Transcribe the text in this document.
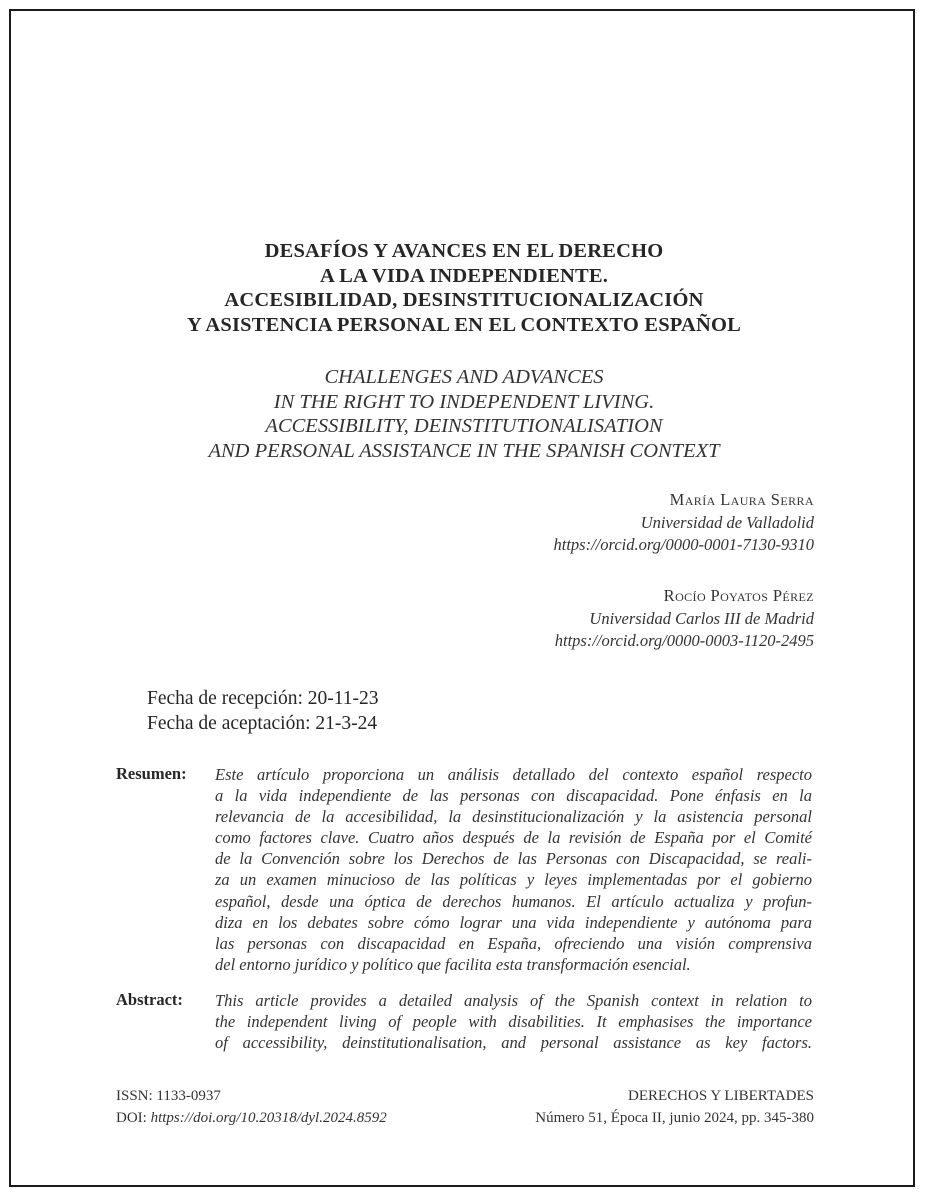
DESAFÍOS Y AVANCES EN EL DERECHO
A LA VIDA INDEPENDIENTE.
ACCESIBILIDAD, DESINSTITUCIONALIZACIÓN
Y ASISTENCIA PERSONAL EN EL CONTEXTO ESPAÑOL
CHALLENGES AND ADVANCES
IN THE RIGHT TO INDEPENDENT LIVING.
ACCESSIBILITY, DEINSTITUTIONALISATION
AND PERSONAL ASSISTANCE IN THE SPANISH CONTEXT
María Laura Serra
Universidad de Valladolid
https://orcid.org/0000-0001-7130-9310
Rocío Poyatos Pérez
Universidad Carlos III de Madrid
https://orcid.org/0000-0003-1120-2495
Fecha de recepción: 20-11-23
Fecha de aceptación: 21-3-24
Resumen: Este artículo proporciona un análisis detallado del contexto español respecto
a la vida independiente de las personas con discapacidad. Pone énfasis en la
relevancia de la accesibilidad, la desinstitucionalización y la asistencia personal
como factores clave. Cuatro años después de la revisión de España por el Comité
de la Convención sobre los Derechos de las Personas con Discapacidad, se reali-
za un examen minucioso de las políticas y leyes implementadas por el gobierno
español, desde una óptica de derechos humanos. El artículo actualiza y profun-
diza en los debates sobre cómo lograr una vida independiente y autónoma para
las personas con discapacidad en España, ofreciendo una visión comprensiva
del entorno jurídico y político que facilita esta transformación esencial.
Abstract: This article provides a detailed analysis of the Spanish context in relation to
the independent living of people with disabilities. It emphasises the importance
of accessibility, deinstitutionalisation, and personal assistance as key factors.
ISSN: 1133-0937
DOI: https://doi.org/10.20318/dyl.2024.8592
DERECHOS Y LIBERTADES
Número 51, Época II, junio 2024, pp. 345-380
